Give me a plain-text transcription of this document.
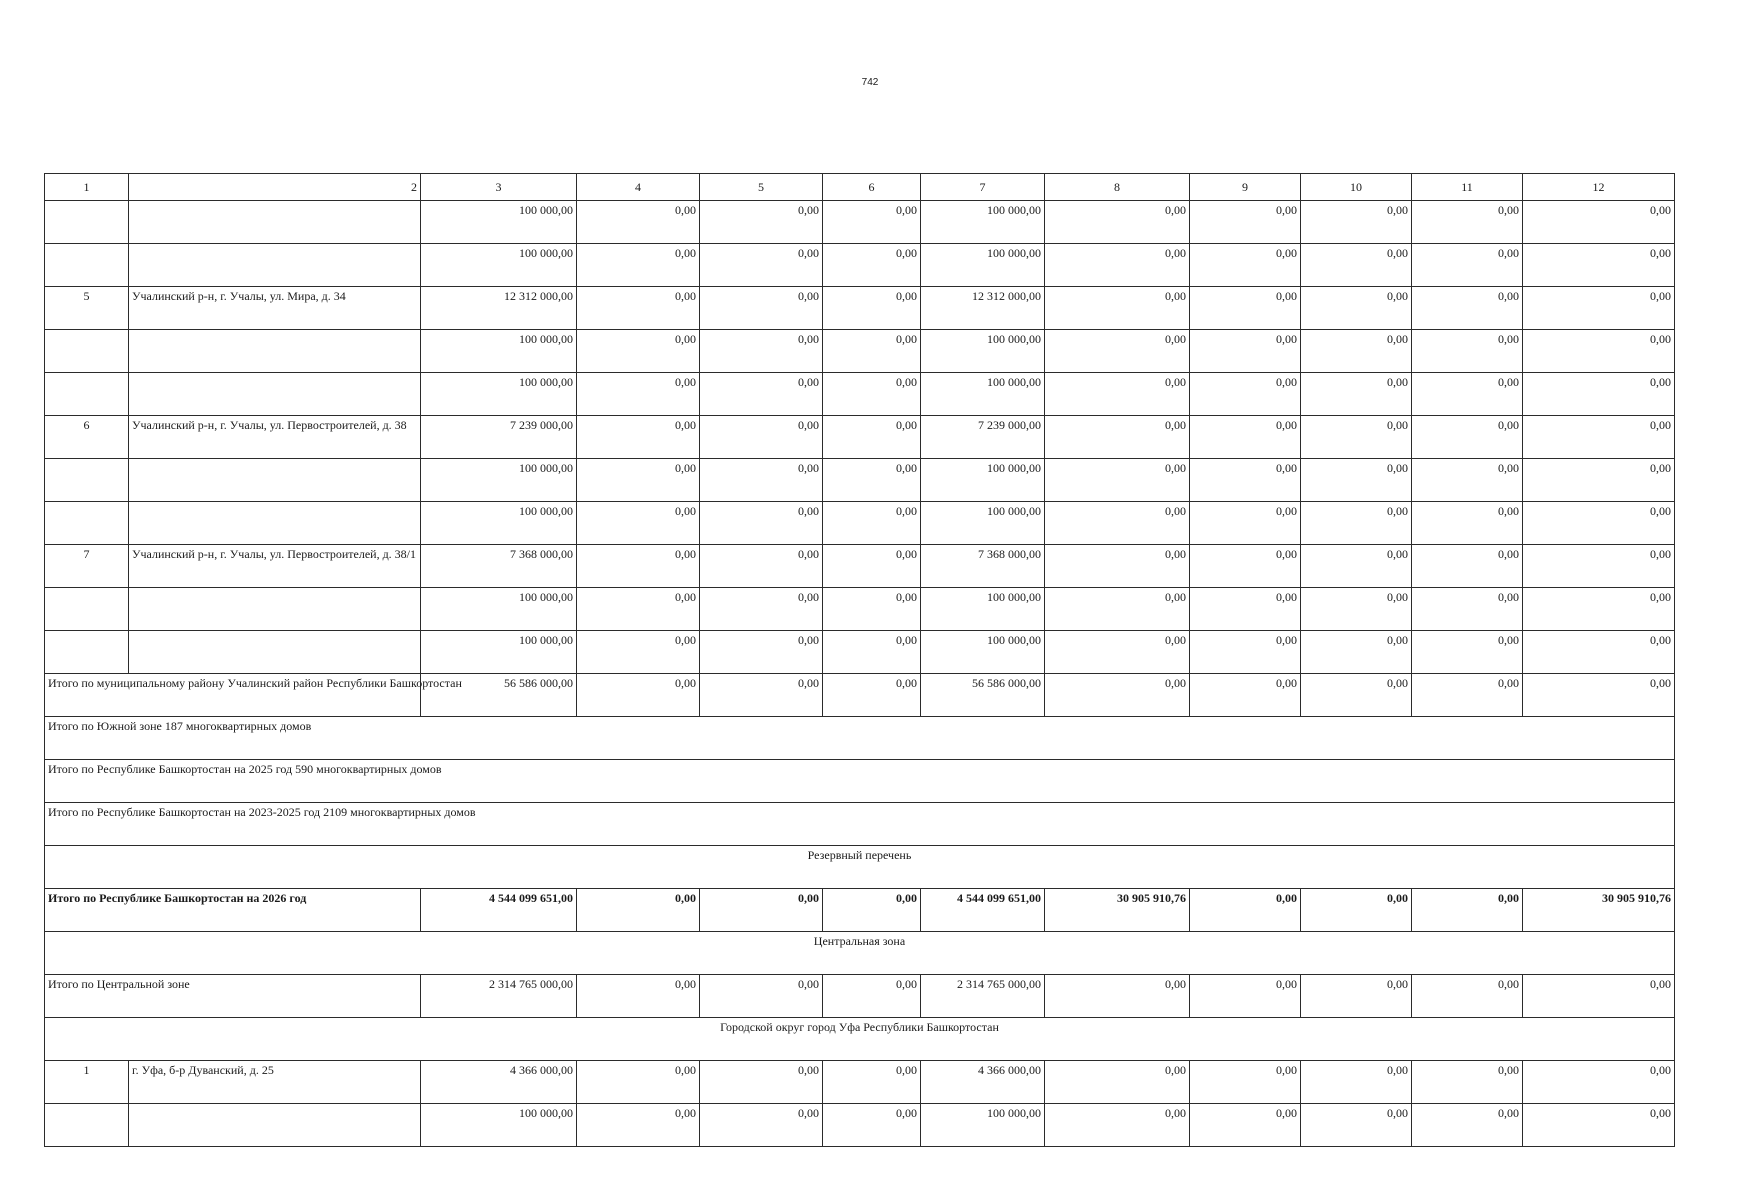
742
1	2	3	4	5	6	7	8	9	10	11	12
		100 000,00	0,00	0,00	0,00	100 000,00	0,00	0,00	0,00	0,00	0,00
		100 000,00	0,00	0,00	0,00	100 000,00	0,00	0,00	0,00	0,00	0,00
5	Учалинский р-н, г. Учалы, ул. Мира, д. 34	12 312 000,00	0,00	0,00	0,00	12 312 000,00	0,00	0,00	0,00	0,00	0,00
		100 000,00	0,00	0,00	0,00	100 000,00	0,00	0,00	0,00	0,00	0,00
		100 000,00	0,00	0,00	0,00	100 000,00	0,00	0,00	0,00	0,00	0,00
6	Учалинский р-н, г. Учалы, ул. Первостроителей, д. 38	7 239 000,00	0,00	0,00	0,00	7 239 000,00	0,00	0,00	0,00	0,00	0,00
		100 000,00	0,00	0,00	0,00	100 000,00	0,00	0,00	0,00	0,00	0,00
		100 000,00	0,00	0,00	0,00	100 000,00	0,00	0,00	0,00	0,00	0,00
7	Учалинский р-н, г. Учалы, ул. Первостроителей, д. 38/1	7 368 000,00	0,00	0,00	0,00	7 368 000,00	0,00	0,00	0,00	0,00	0,00
		100 000,00	0,00	0,00	0,00	100 000,00	0,00	0,00	0,00	0,00	0,00
		100 000,00	0,00	0,00	0,00	100 000,00	0,00	0,00	0,00	0,00	0,00
Итого по муниципальному району Учалинский район Республики Башкортостан		56 586 000,00	0,00	0,00	0,00	56 586 000,00	0,00	0,00	0,00	0,00	0,00
Итого по Южной зоне 187 многоквартирных домов											
Итого по Республике Башкортостан на 2025 год 590 многоквартирных домов											
Итого по Республике Башкортостан на 2023-2025 год 2109 многоквартирных домов											
Резервный перечень											
Итого по Республике Башкортостан на 2026 год		4 544 099 651,00	0,00	0,00	0,00	4 544 099 651,00	30 905 910,76	0,00	0,00	0,00	30 905 910,76
Центральная зона											
Итого по Центральной зоне		2 314 765 000,00	0,00	0,00	0,00	2 314 765 000,00	0,00	0,00	0,00	0,00	0,00
Городской округ город Уфа Республики Башкортостан											
1	г. Уфа, б-р Дуванский, д. 25	4 366 000,00	0,00	0,00	0,00	4 366 000,00	0,00	0,00	0,00	0,00	0,00
		100 000,00	0,00	0,00	0,00	100 000,00	0,00	0,00	0,00	0,00	0,00
